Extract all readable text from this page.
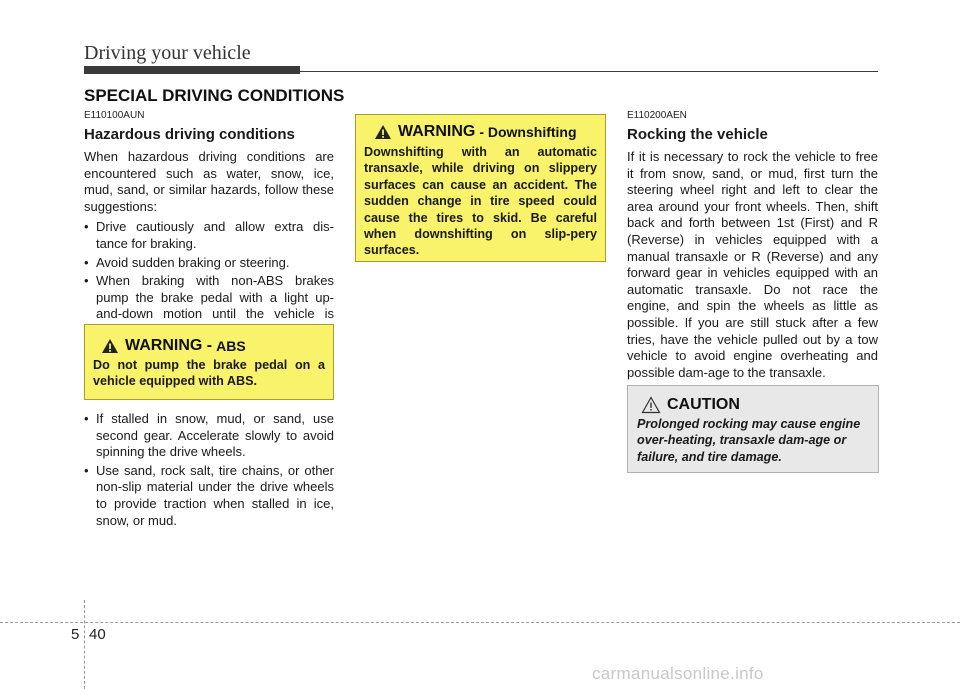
Driving your vehicle
SPECIAL DRIVING CONDITIONS
E110100AUN
Hazardous driving conditions
When hazardous driving conditions are encountered such as water, snow, ice, mud, sand, or similar hazards, follow these suggestions:
• Drive cautiously and allow extra dis-tance for braking.
• Avoid sudden braking or steering.
• When braking with non-ABS brakes pump the brake pedal with a light up-and-down motion until the vehicle is
WARNING - ABS
Do not pump the brake pedal on a vehicle equipped with ABS.
• If stalled in snow, mud, or sand, use second gear. Accelerate slowly to avoid spinning the drive wheels.
• Use sand, rock salt, tire chains, or other non-slip material under the drive wheels to provide traction when stalled in ice, snow, or mud.
WARNING - Downshifting
Downshifting with an automatic transaxle, while driving on slippery surfaces can cause an accident. The sudden change in tire speed could cause the tires to skid. Be careful when downshifting on slip-pery surfaces.
E110200AEN
Rocking the vehicle
If it is necessary to rock the vehicle to free it from snow, sand, or mud, first turn the steering wheel right and left to clear the area around your front wheels. Then, shift back and forth between 1st (First) and R (Reverse) in vehicles equipped with a manual transaxle or R (Reverse) and any forward gear in vehicles equipped with an automatic transaxle. Do not race the engine, and spin the wheels as little as possible. If you are still stuck after a few tries, have the vehicle pulled out by a tow vehicle to avoid engine overheating and possible dam-age to the transaxle.
CAUTION
Prolonged rocking may cause engine over-heating, transaxle dam-age or failure, and tire damage.
5 40
carmanualsonline.info
